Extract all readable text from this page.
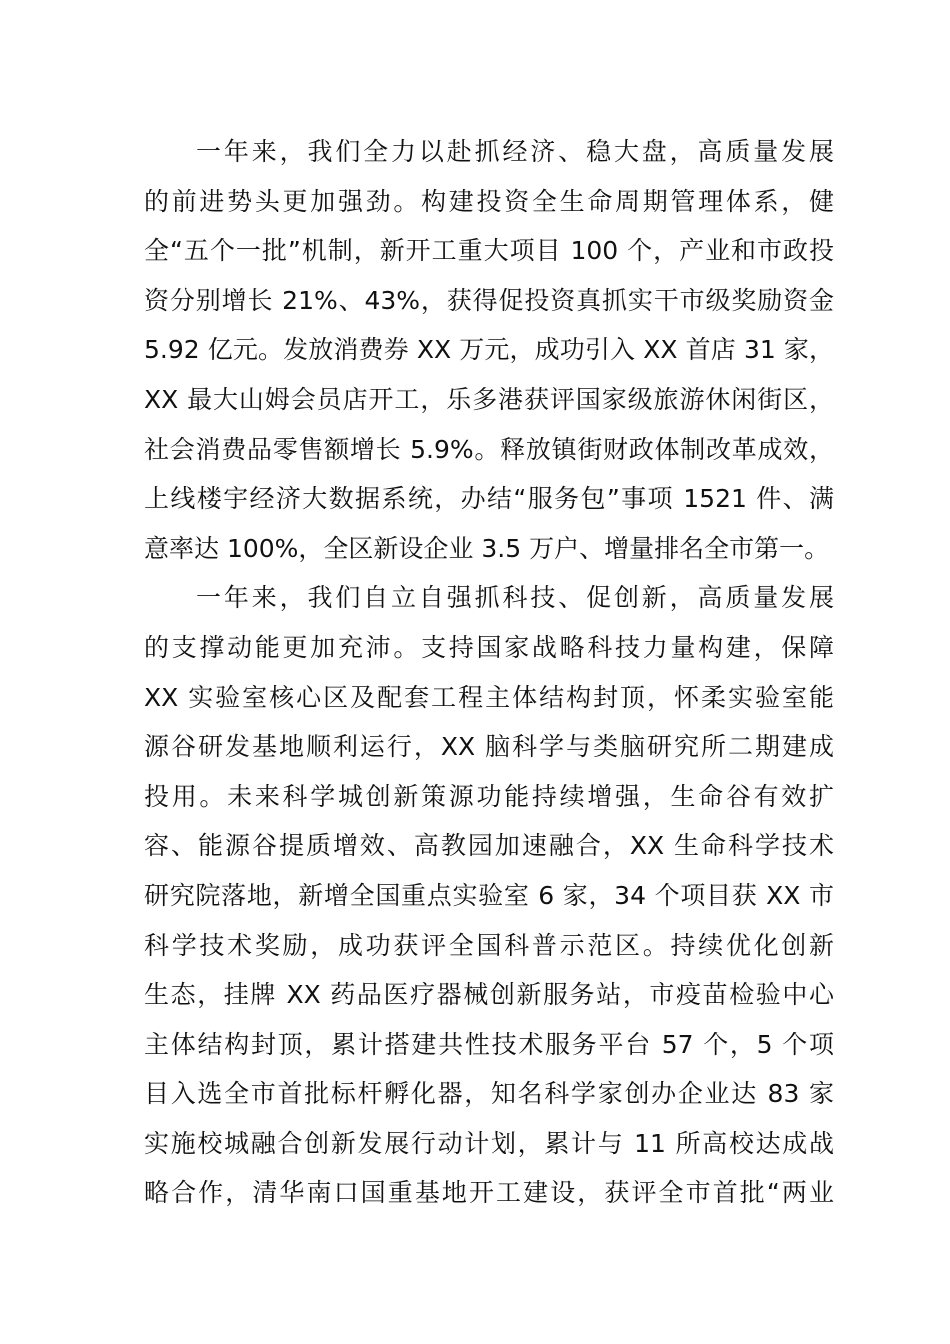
一年来，我们全力以赴抓经济、稳大盘，高质量发展
的前进势头更加强劲。构建投资全生命周期管理体系，健
全“五个一批”机制，新开工重大项目 100 个，产业和市政投
资分别增长 21%、43%，获得促投资真抓实干市级奖励资金
5.92 亿元。发放消费券 XX 万元，成功引入 XX 首店 31 家，
XX 最大山姆会员店开工，乐多港获评国家级旅游休闲街区，
社会消费品零售额增长 5.9%。释放镇街财政体制改革成效，
上线楼宇经济大数据系统，办结“服务包”事项 1521 件、满
意率达 100%，全区新设企业 3.5 万户、增量排名全市第一。
一年来，我们自立自强抓科技、促创新，高质量发展
的支撑动能更加充沛。支持国家战略科技力量构建，保障
XX 实验室核心区及配套工程主体结构封顶，怀柔实验室能
源谷研发基地顺利运行，XX 脑科学与类脑研究所二期建成
投用。未来科学城创新策源功能持续增强，生命谷有效扩
容、能源谷提质增效、高教园加速融合，XX 生命科学技术
研究院落地，新增全国重点实验室 6 家，34 个项目获 XX 市
科学技术奖励，成功获评全国科普示范区。持续优化创新
生态，挂牌 XX 药品医疗器械创新服务站，市疫苗检验中心
主体结构封顶，累计搭建共性技术服务平台 57 个，5 个项
目入选全市首批标杆孵化器，知名科学家创办企业达 83 家
实施校城融合创新发展行动计划，累计与 11 所高校达成战
略合作，清华南口国重基地开工建设，获评全市首批“两业
